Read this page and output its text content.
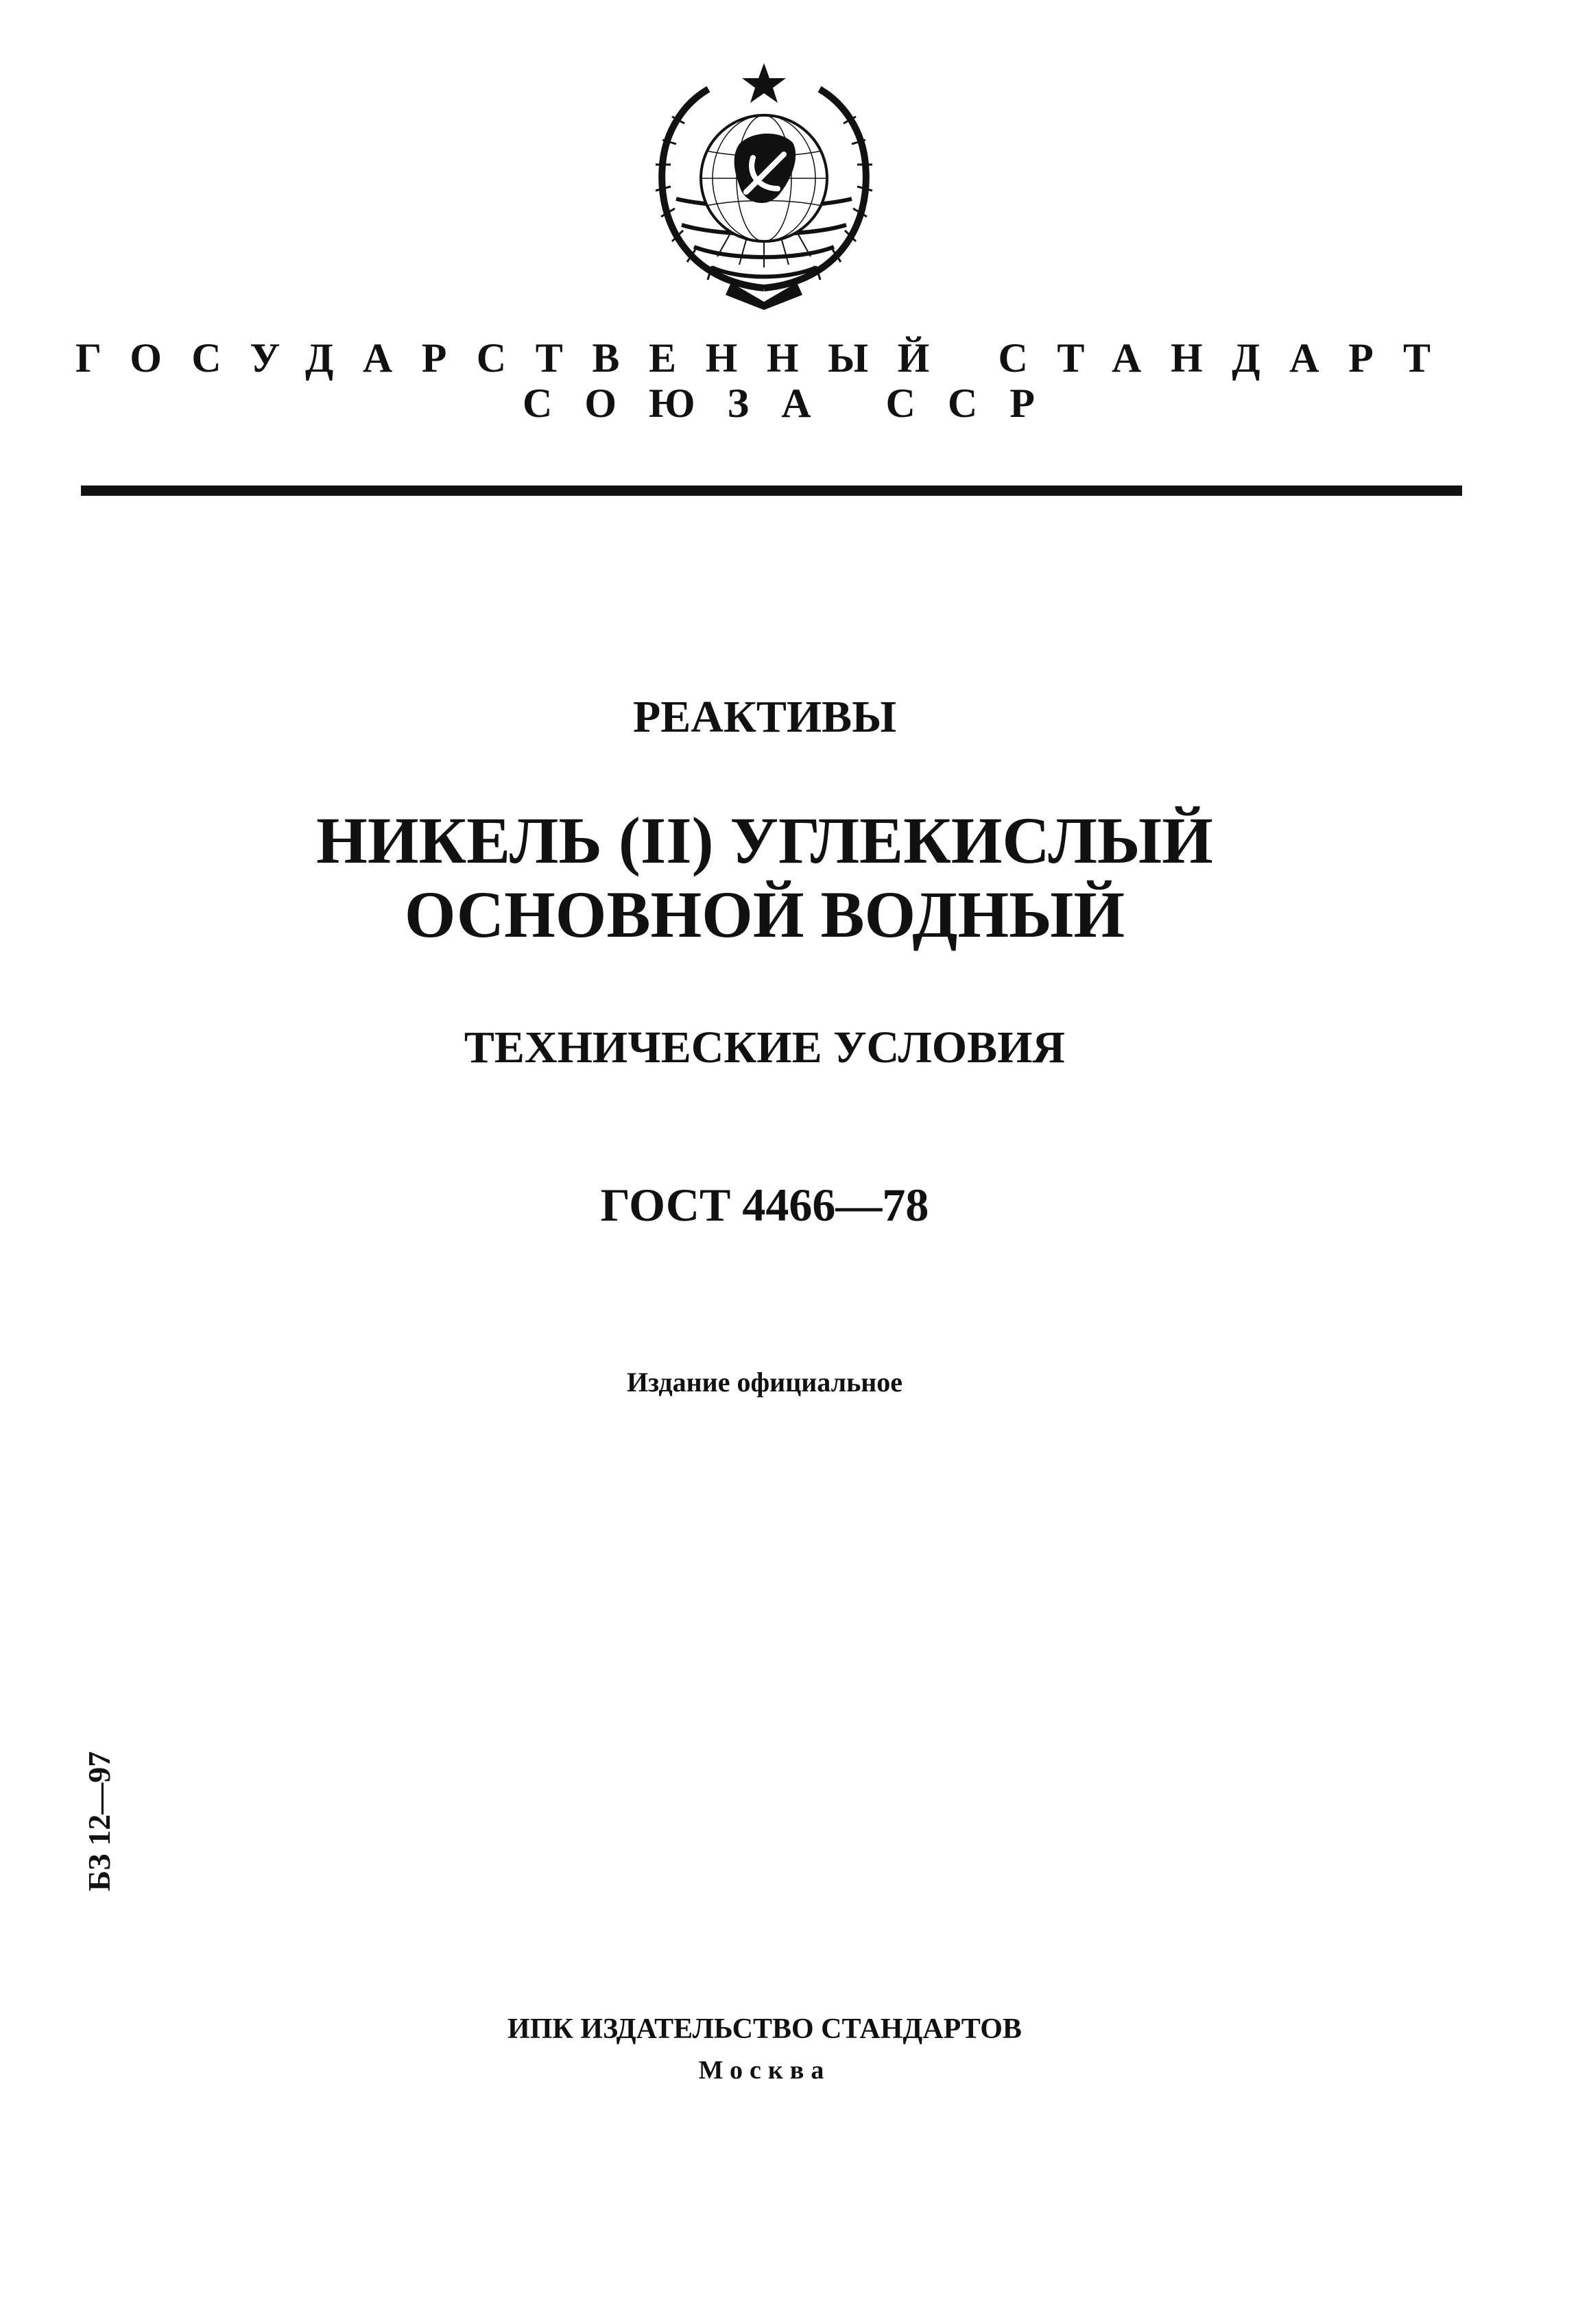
ГОСУДАРСТВЕННЫЙ СТАНДАРТ
СОЮЗА ССР
РЕАКТИВЫ
НИКЕЛЬ (II) УГЛЕКИСЛЫЙ
ОСНОВНОЙ ВОДНЫЙ
ТЕХНИЧЕСКИЕ УСЛОВИЯ
ГОСТ 4466—78
Издание официальное
БЗ 12—97
ИПК ИЗДАТЕЛЬСТВО СТАНДАРТОВ
Москва
